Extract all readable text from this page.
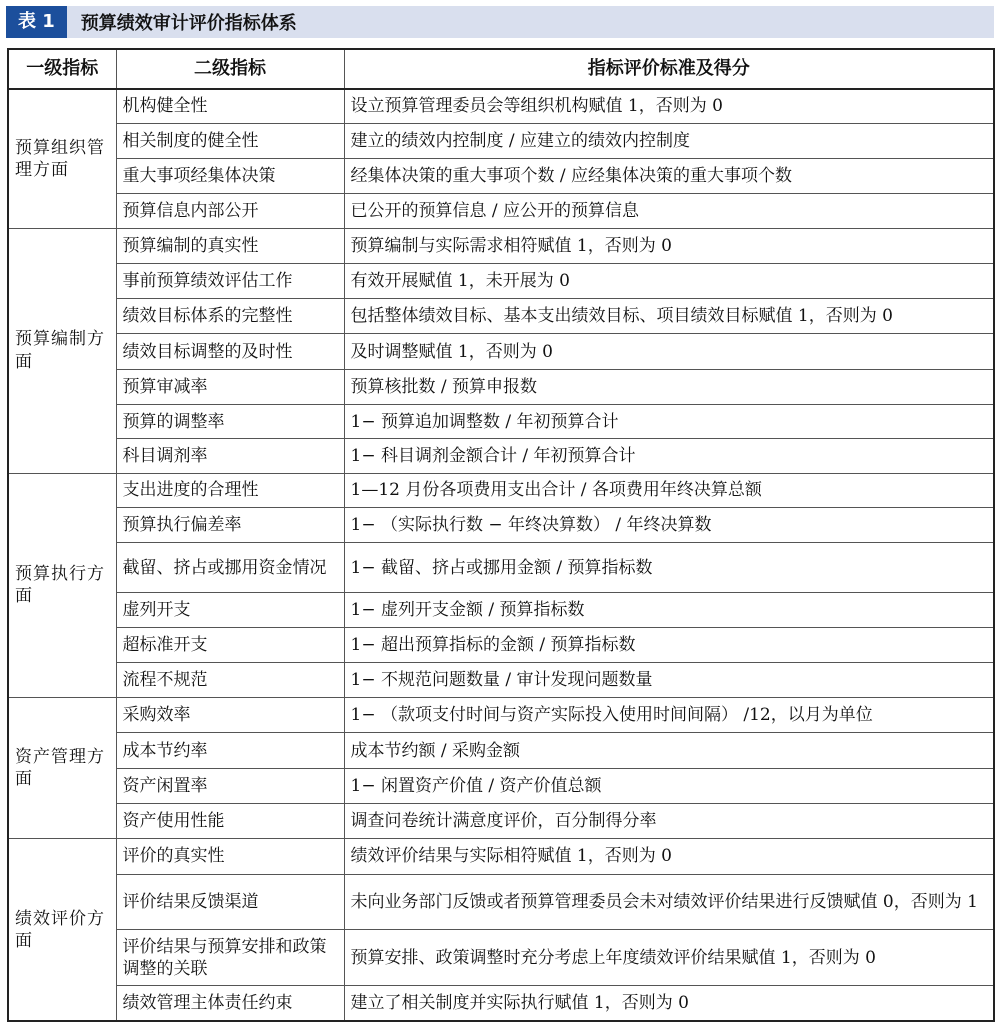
表 1	预算绩效审计评价指标体系
一级指标	二级指标	指标评价标准及得分
预算组织管理方面	机构健全性	设立预算管理委员会等组织机构赋值 1，否则为 0
	相关制度的健全性	建立的绩效内控制度 / 应建立的绩效内控制度
	重大事项经集体决策	经集体决策的重大事项个数 / 应经集体决策的重大事项个数
	预算信息内部公开	已公开的预算信息 / 应公开的预算信息
预算编制方面	预算编制的真实性	预算编制与实际需求相符赋值 1，否则为 0
	事前预算绩效评估工作	有效开展赋值 1，未开展为 0
	绩效目标体系的完整性	包括整体绩效目标、基本支出绩效目标、项目绩效目标赋值 1，否则为 0
	绩效目标调整的及时性	及时调整赋值 1，否则为 0
	预算审减率	预算核批数 / 预算申报数
	预算的调整率	1− 预算追加调整数 / 年初预算合计
	科目调剂率	1− 科目调剂金额合计 / 年初预算合计
预算执行方面	支出进度的合理性	1—12 月份各项费用支出合计 / 各项费用年终决算总额
	预算执行偏差率	1− （实际执行数 − 年终决算数） / 年终决算数
	截留、挤占或挪用资金情况	1− 截留、挤占或挪用金额 / 预算指标数
	虚列开支	1− 虚列开支金额 / 预算指标数
	超标准开支	1− 超出预算指标的金额 / 预算指标数
	流程不规范	1− 不规范问题数量 / 审计发现问题数量
资产管理方面	采购效率	1− （款项支付时间与资产实际投入使用时间间隔） /12，以月为单位
	成本节约率	成本节约额 / 采购金额
	资产闲置率	1− 闲置资产价值 / 资产价值总额
	资产使用性能	调查问卷统计满意度评价，百分制得分率
绩效评价方面	评价的真实性	绩效评价结果与实际相符赋值 1，否则为 0
	评价结果反馈渠道	未向业务部门反馈或者预算管理委员会未对绩效评价结果进行反馈赋值 0，否则为 1
	评价结果与预算安排和政策调整的关联	预算安排、政策调整时充分考虑上年度绩效评价结果赋值 1，否则为 0
	绩效管理主体责任约束	建立了相关制度并实际执行赋值 1，否则为 0
